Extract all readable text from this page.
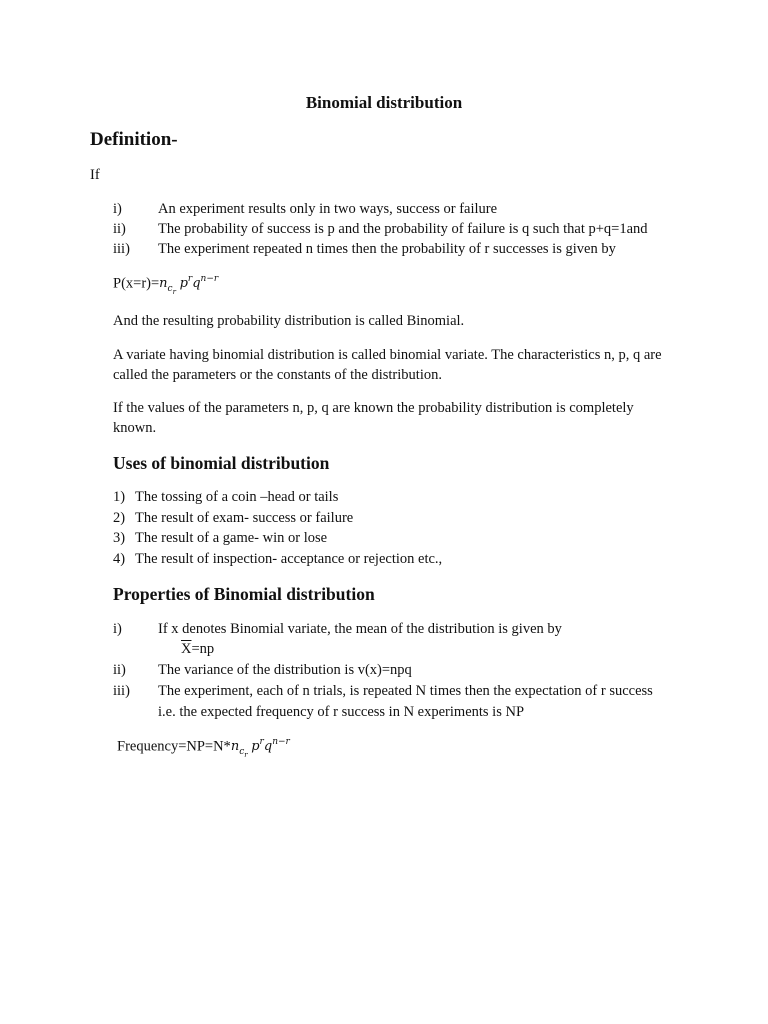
Binomial distribution
Definition-
If
i) An experiment results only in two ways, success or failure
ii) The probability of success is p and the probability of failure is q such that p+q=1and
iii) The experiment repeated n times then the probability of r successes is given by
$P(x=r)=n_{c_r}$ $p^rq^{n-r}$
And the resulting probability distribution is called Binomial.
A variate having binomial distribution is called binomial variate. The characteristics n, p, q are called the parameters or the constants of the distribution.
If the values of the parameters n, p, q are known the probability distribution is completely known.
Uses of binomial distribution
1) The tossing of a coin –head or tails
2) The result of exam- success or failure
3) The result of a game- win or lose
4) The result of inspection- acceptance or rejection etc.,
Properties of Binomial distribution
i) If x denotes Binomial variate, the mean of the distribution is given by
$\overline{X}=np$
ii) The variance of the distribution is v(x)=npq
iii) The experiment, each of n trials, is repeated N times then the expectation of r success
i.e. the expected frequency of r success in N experiments is NP
$Frequency=NP=N*n_{c_r}$ $p^rq^{n-r}$
